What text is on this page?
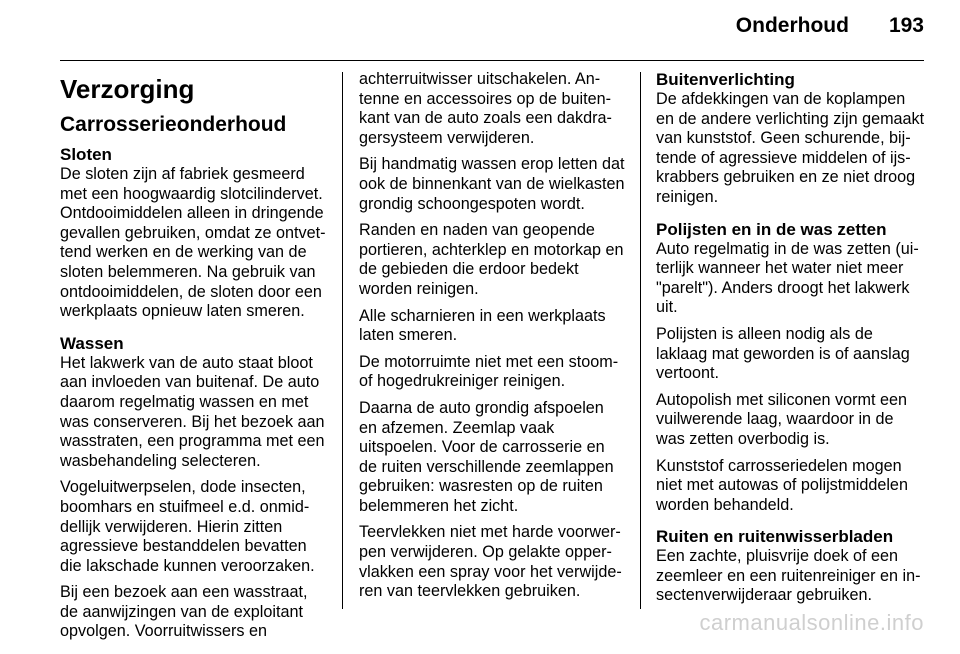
Onderhoud 193
Verzorging
Carrosserieonderhoud
Sloten

De sloten zijn af fabriek gesmeerd met een hoogwaardig slotcilindervet. Ontdooimiddelen alleen in dringende gevallen gebruiken, omdat ze ontvettend werken en de werking van de sloten belemmeren. Na gebruik van ontdooimiddelen, de sloten door een werkplaats opnieuw laten smeren.

Wassen

Het lakwerk van de auto staat bloot aan invloeden van buitenaf. De auto daarom regelmatig wassen en met was conserveren. Bij het bezoek aan wasstraten, een programma met een wasbehandeling selecteren.

Vogeluitwerpselen, dode insecten, boomhars en stuifmeel e.d. onmiddellijk verwijderen. Hierin zitten agressieve bestanddelen bevatten die lakschade kunnen veroorzaken.

Bij een bezoek aan een wasstraat, de aanwijzingen van de exploitant opvolgen. Voorruitwissers en

achterruitwisser uitschakelen. Antenne en accessoires op de buitenkant van de auto zoals een dakdragersysteem verwijderen.

Bij handmatig wassen erop letten dat ook de binnenkant van de wielkasten grondig schoongespoten wordt.

Randen en naden van geopende portieren, achterklep en motorkap en de gebieden die erdoor bedekt worden reinigen.

Alle scharnieren in een werkplaats laten smeren.

De motorruimte niet met een stoom- of hogedrukreiniger reinigen.

Daarna de auto grondig afspoelen en afzemen. Zeemlap vaak uitspoelen. Voor de carrosserie en de ruiten verschillende zeemlappen gebruiken: wasresten op de ruiten belemmeren het zicht.

Teervlekken niet met harde voorwerpen verwijderen. Op gelakte oppervlakken een spray voor het verwijderen van teervlekken gebruiken.

Buitenverlichting

De afdekkingen van de koplampen en de andere verlichting zijn gemaakt van kunststof. Geen schurende, bijtende of agressieve middelen of ijskrabbers gebruiken en ze niet droog reinigen.

Polijsten en in de was zetten

Auto regelmatig in de was zetten (uiterlijk wanneer het water niet meer "parelt"). Anders droogt het lakwerk uit.

Polijsten is alleen nodig als de laklaag mat geworden is of aanslag vertoont.

Autopolish met siliconen vormt een vuilwerende laag, waardoor in de was zetten overbodig is.

Kunststof carrosseriedelen mogen niet met autowas of polijstmiddelen worden behandeld.

Ruiten en ruitenwisserbladen

Een zachte, pluisvrije doek of een zeemleer en een ruitenreiniger en insectenverwijderaar gebruiken.

carmanualsonline.info
